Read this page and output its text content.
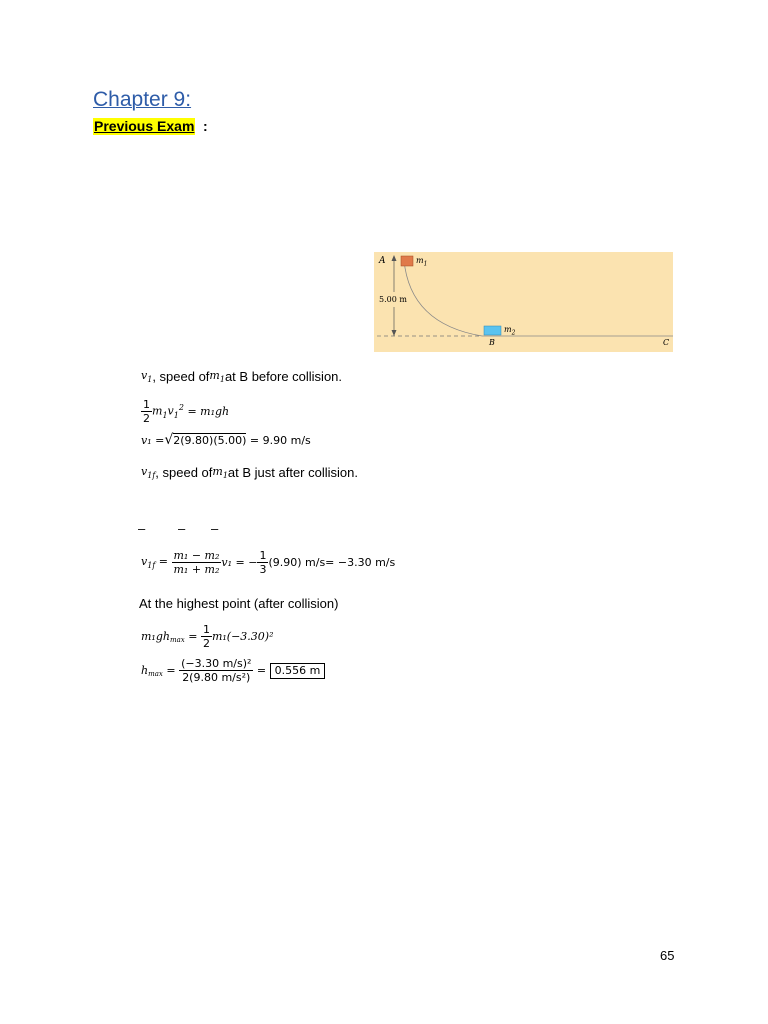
Chapter 9:
Previous Exam :
A	$m_1$
5.00 m
$m_2$
B	C
$v_1$ , speed of $m_1$ at B before collision.
$\frac{1}{2} m_1v_1^2 = m_1gh$
v₁ = √ 2(9.80)(5.00)
= 9.90 m/s
$v_{1f}$ , speed of $m_1$ at B just after collision.
–	– –
$v_{1f} = \frac{\text{m₁ − m₂}}{\text{m₁ + m₂}} v_1$ = − $\frac{1}{3} (9.90)$ m/s= −3.30 m/s
At the highest point (after collision)
m₁gh $\max = \frac{1}{2} m_1(-3.30)^2$
h $\max = \frac{\text{(−3.30 m/s)²}}{\text{2(9.80 m/s²)}} = 0.556$ m
65
